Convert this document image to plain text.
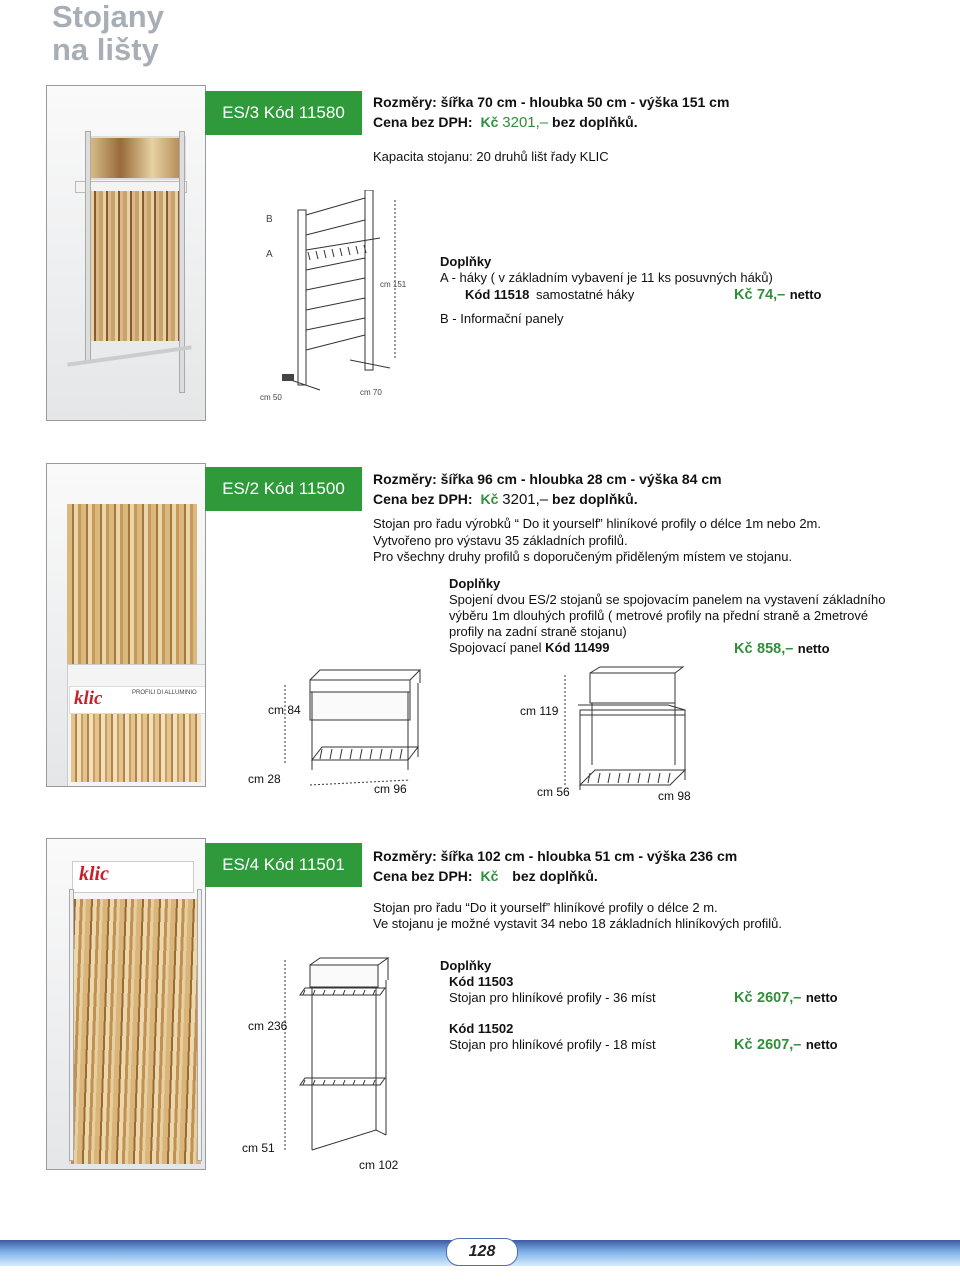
Stojany
na lišty
ES/3 Kód 11580
Rozměry: šířka 70 cm - hloubka 50 cm - výška 151 cm
Cena bez DPH: Kč 3201,– bez doplňků.
Kapacita stojanu: 20 druhů lišt řady KLIC
B
A
cm 151
cm 50
cm 70
Doplňky
A - háky ( v základním vybavení je 11 ks posuvných háků)
Kód 11518 samostatné háky	Kč 74,– netto
B - Informační panely
klic	PROFILI DI ALLUMINIO
ES/2 Kód 11500	Rozměry: šířka 96 cm - hloubka 28 cm - výška 84 cm
Cena bez DPH: Kč 3201,– bez doplňků.
Stojan pro řadu výrobků “ Do it yourself” hliníkové profily o délce 1m nebo 2m.
Vytvořeno pro výstavu 35 základních profilů.
Pro všechny druhy profilů s doporučeným přiděleným místem ve stojanu.
Doplňky
Spojení dvou ES/2 stojanů se spojovacím panelem na vystavení základního
výběru 1m dlouhých profilů ( metrové profily na přední straně a 2metrové
profily na zadní straně stojanu)
Spojovací panel Kód 11499	Kč 858,– netto
cm 84
cm 28
cm 96
cm 119
cm 56	cm 98
klic	ES/4 Kód 11501	Rozměry: šířka 102 cm - hloubka 51 cm - výška 236 cm
Cena bez DPH: Kč bez doplňků.
Stojan pro řadu “Do it yourself” hliníkové profily o délce 2 m.
Ve stojanu je možné vystavit 34 nebo 18 základních hliníkových profilů.
cm 236
cm 51
cm 102
Doplňky
Kód 11503
Stojan pro hliníkové profily - 36 míst	Kč 2607,– netto
Kód 11502
Stojan pro hliníkové profily - 18 míst	Kč 2607,– netto
128
